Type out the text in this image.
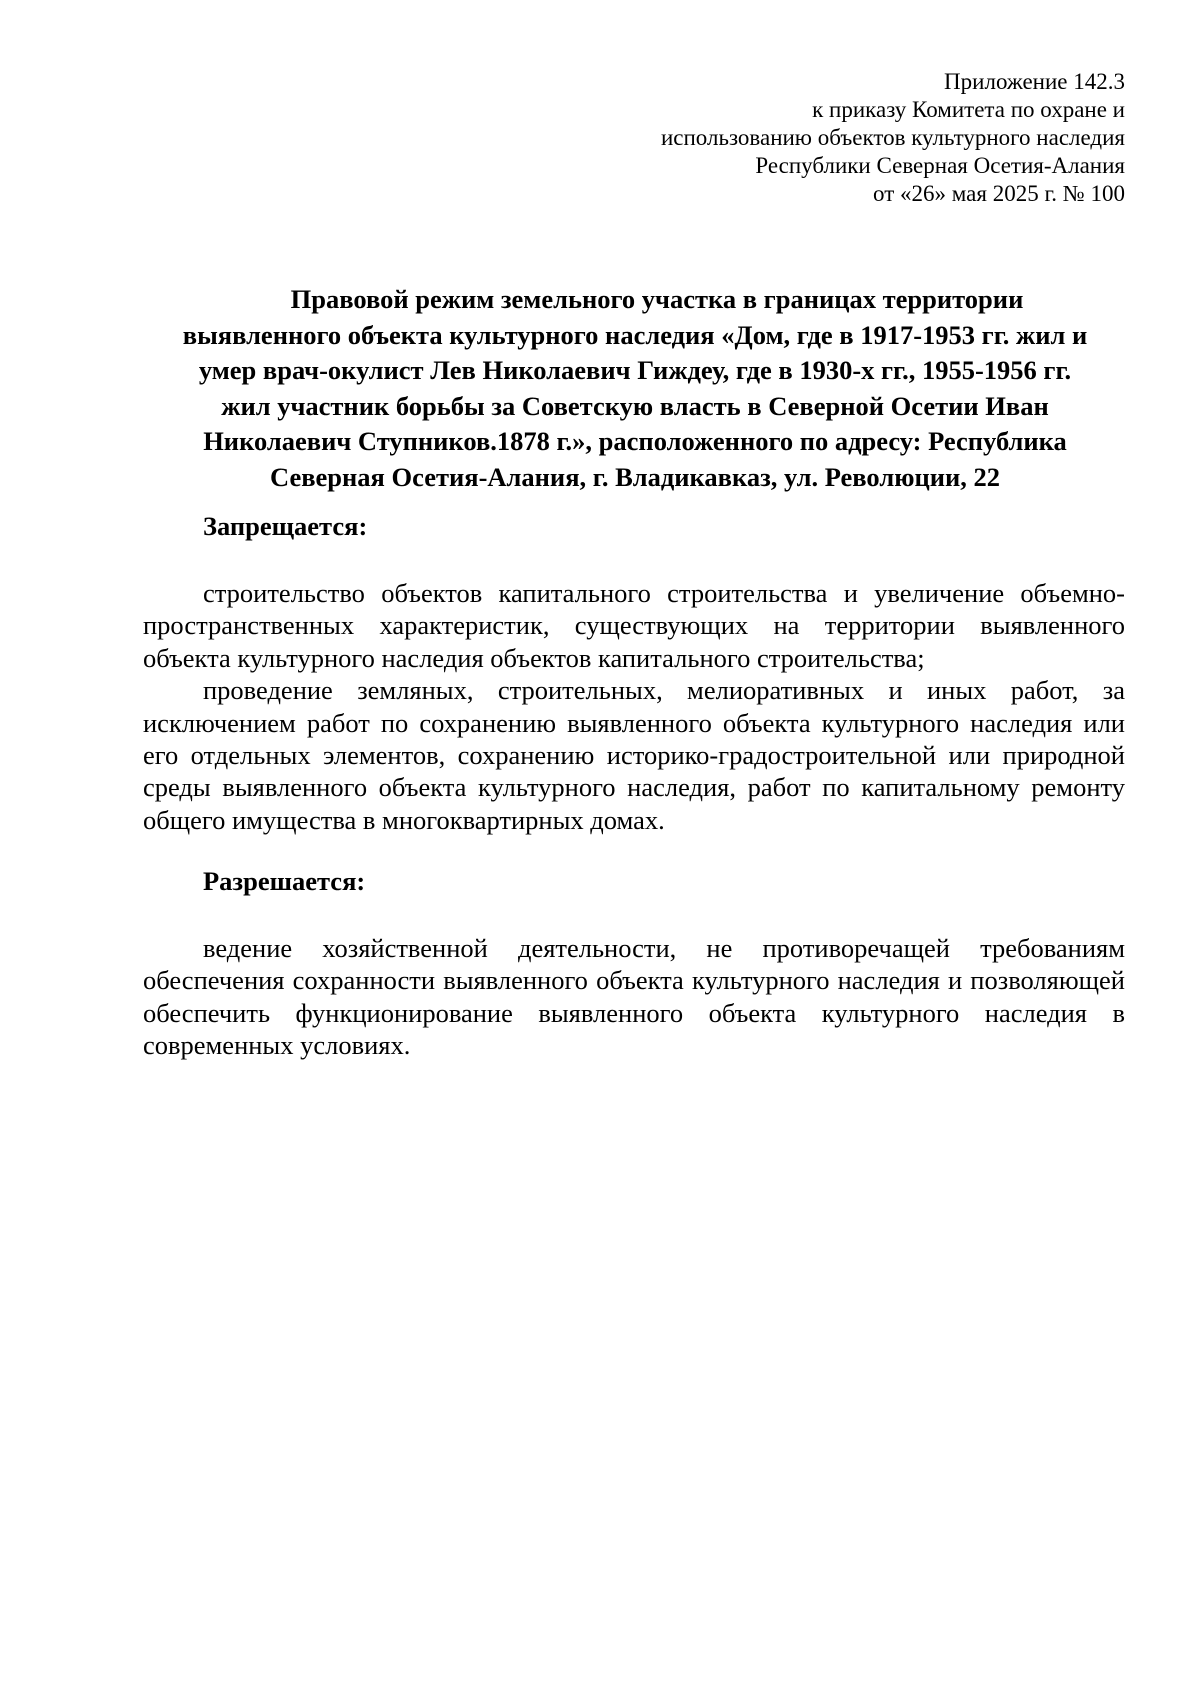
Приложение 142.3
к приказу Комитета по охране и
использованию объектов культурного наследия
Республики Северная Осетия-Алания
от «26» мая 2025 г. № 100
Правовой режим земельного участка в границах территории
выявленного объекта культурного наследия «Дом, где в 1917-1953 гг. жил и
умер врач-окулист Лев Николаевич Гиждеу, где в 1930-х гг., 1955-1956 гг.
жил участник борьбы за Советскую власть в Северной Осетии Иван
Николаевич Ступников.1878 г.», расположенного по адресу: Республика
Северная Осетия-Алания, г. Владикавказ, ул. Революции, 22
Запрещается:

строительство объектов капитального строительства и увеличение объемно-пространственных характеристик, существующих на территории выявленного объекта культурного наследия объектов капитального строительства;

проведение земляных, строительных, мелиоративных и иных работ, за исключением работ по сохранению выявленного объекта культурного наследия или его отдельных элементов, сохранению историко-градостроительной или природной среды выявленного объекта культурного наследия, работ по капитальному ремонту общего имущества в многоквартирных домах.

Разрешается:

ведение хозяйственной деятельности, не противоречащей требованиям обеспечения сохранности выявленного объекта культурного наследия и позволяющей обеспечить функционирование выявленного объекта культурного наследия в современных условиях.
